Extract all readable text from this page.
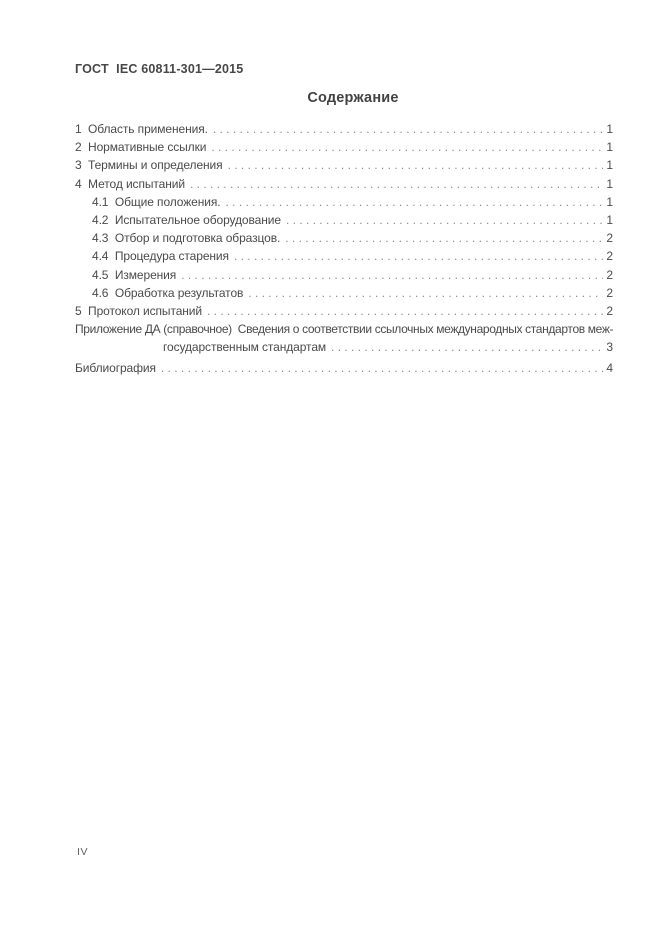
ГОСТ  IEC 60811-301—2015
Содержание
1  Область применения. . .	1
2  Нормативные ссылки . .	1
3  Термины и определения . .	1
4  Метод испытаний . .	1
4.1  Общие положения. . .	1
4.2  Испытательное оборудование . .	1
4.3  Отбор и подготовка образцов. . .	2
4.4  Процедура старения . .	2
4.5  Измерения . .	2
4.6  Обработка результатов . .	2
5  Протокол испытаний . .	2
Приложение ДА (справочное)  Сведения о соответствии ссылочных международных стандартов меж-
государственным стандартам . .	3
Библиография . .	4
IV
